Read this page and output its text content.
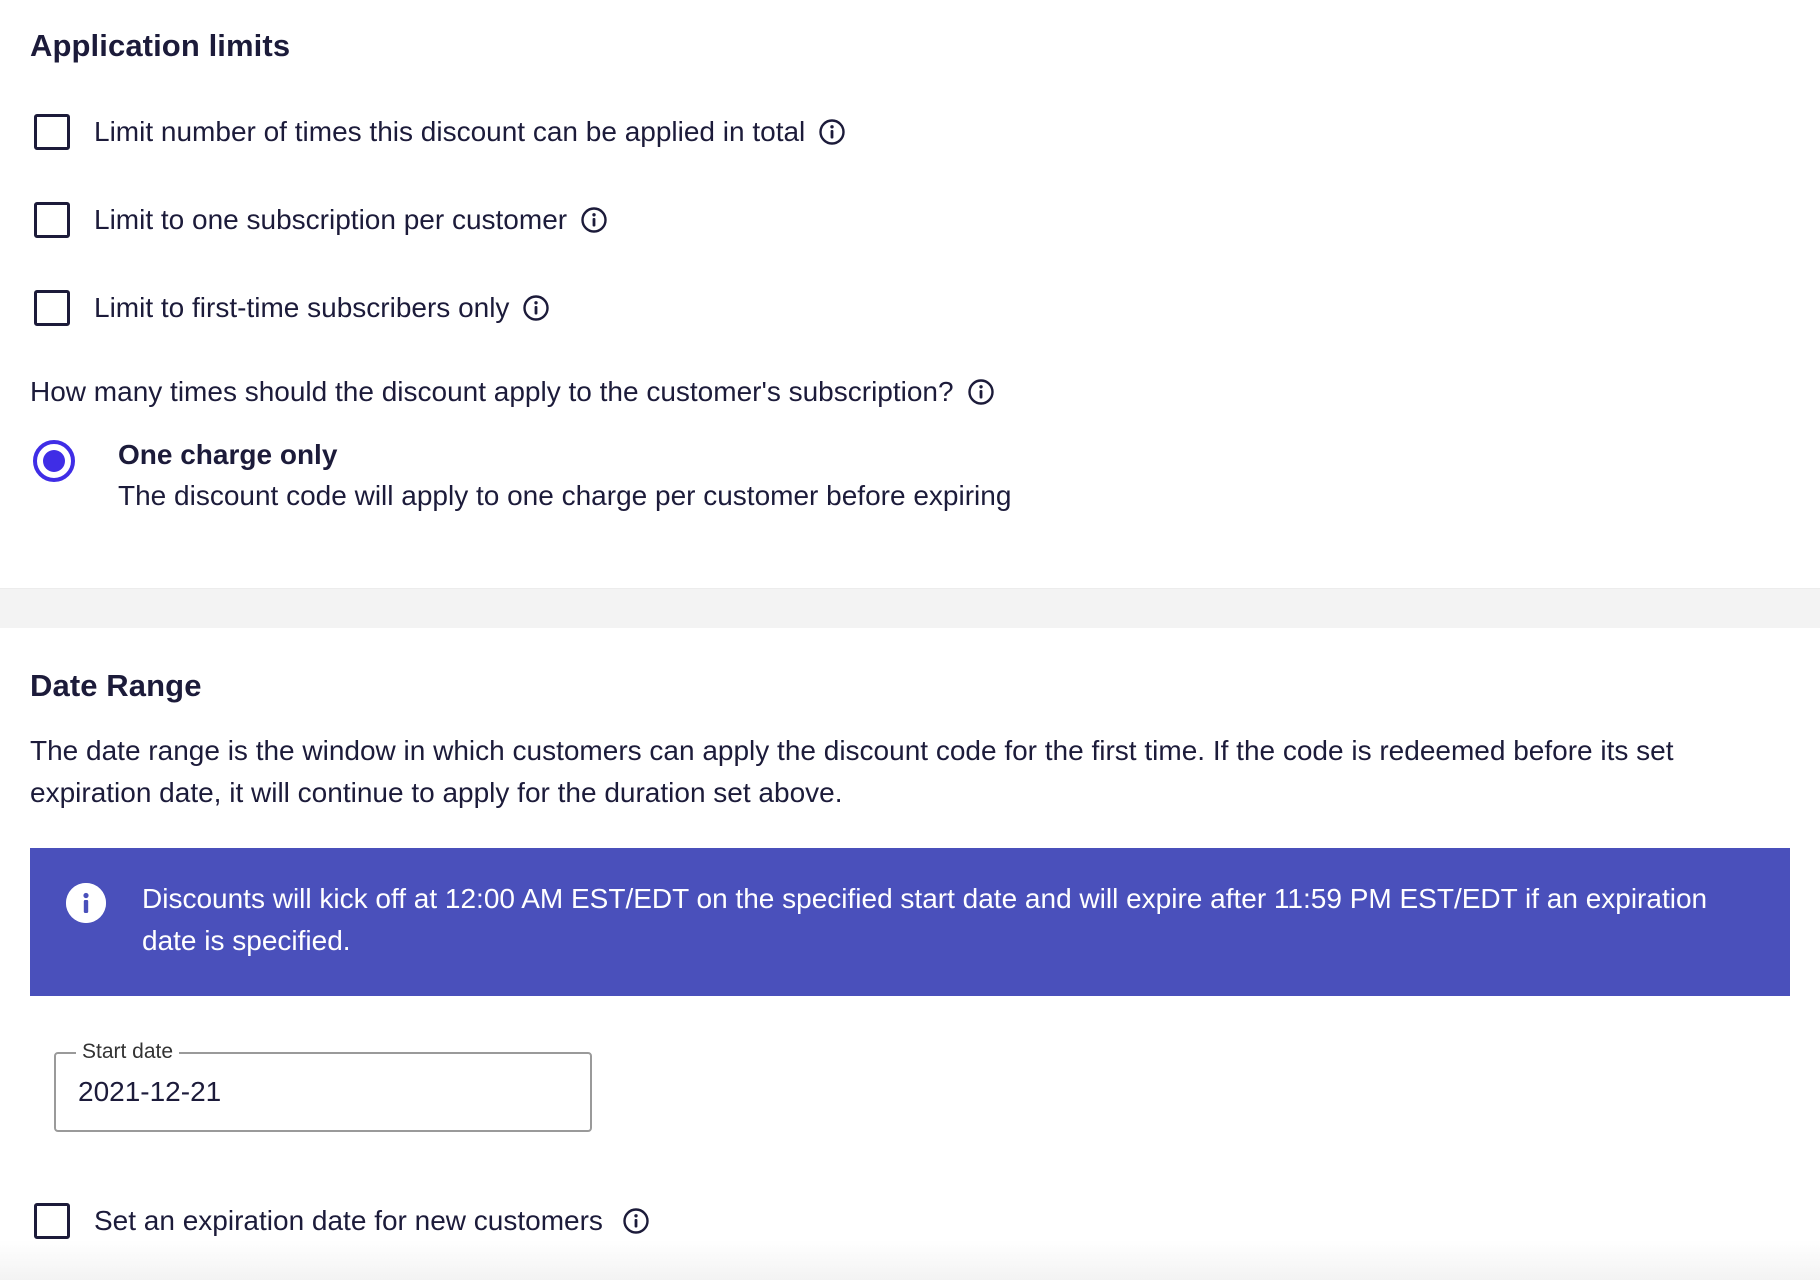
Application limits
Limit number of times this discount can be applied in total
Limit to one subscription per customer
Limit to first-time subscribers only
How many times should the discount apply to the customer's subscription?
One charge only
The discount code will apply to one charge per customer before expiring
Date Range
The date range is the window in which customers can apply the discount code for the first time. If the code is redeemed before its set expiration date, it will continue to apply for the duration set above.
Discounts will kick off at 12:00 AM EST/EDT on the specified start date and will expire after 11:59 PM EST/EDT if an expiration date is specified.
Start date
2021-12-21
Set an expiration date for new customers
